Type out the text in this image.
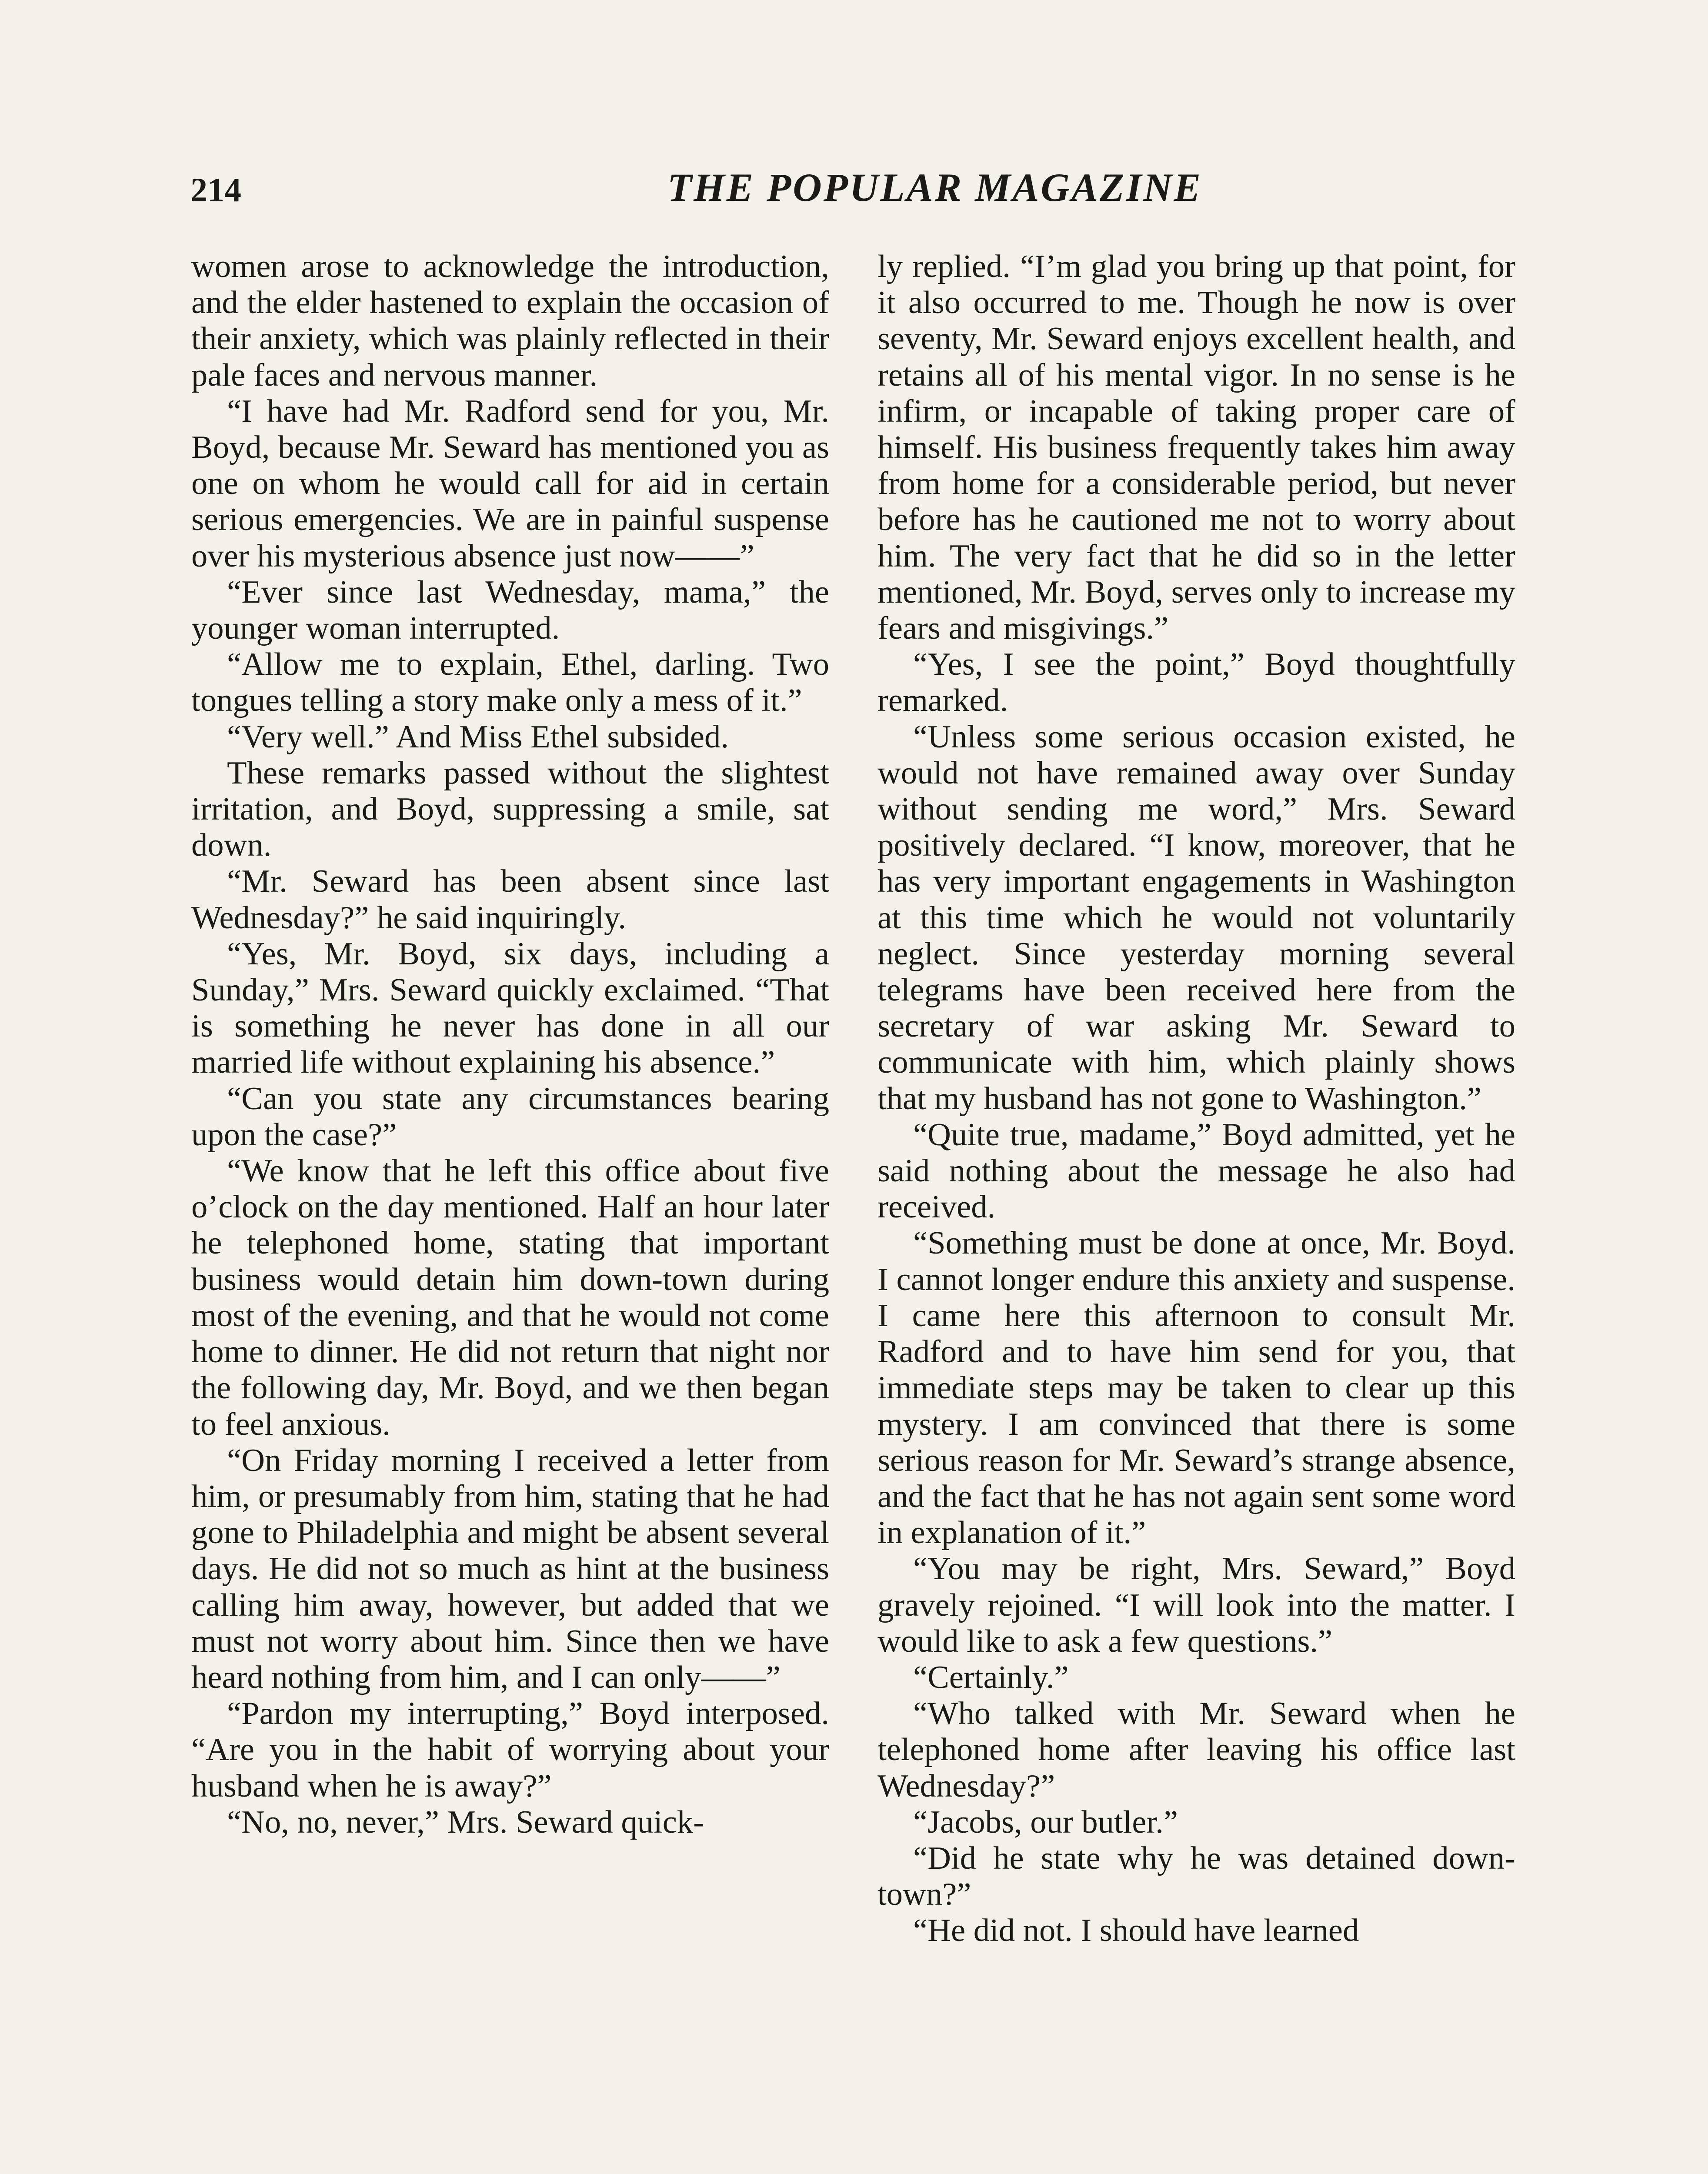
214	THE POPULAR MAGAZINE

women arose to acknowledge the introduction, and the elder hastened to explain the occasion of their anxiety, which was plainly reflected in their pale faces and nervous manner.

“I have had Mr. Radford send for you, Mr. Boyd, because Mr. Seward has mentioned you as one on whom he would call for aid in certain serious emergencies. We are in painful suspense over his mysterious absence just now——”

“Ever since last Wednesday, mama,” the younger woman interrupted.

“Allow me to explain, Ethel, darling. Two tongues telling a story make only a mess of it.”

“Very well.” And Miss Ethel subsided.

These remarks passed without the slightest irritation, and Boyd, suppressing a smile, sat down.

“Mr. Seward has been absent since last Wednesday?” he said inquiringly.

“Yes, Mr. Boyd, six days, including a Sunday,” Mrs. Seward quickly exclaimed. “That is something he never has done in all our married life without explaining his absence.”

“Can you state any circumstances bearing upon the case?”

“We know that he left this office about five o’clock on the day mentioned. Half an hour later he telephoned home, stating that important business would detain him down-town during most of the evening, and that he would not come home to dinner. He did not return that night nor the following day, Mr. Boyd, and we then began to feel anxious.

“On Friday morning I received a letter from him, or presumably from him, stating that he had gone to Philadelphia and might be absent several days. He did not so much as hint at the business calling him away, however, but added that we must not worry about him. Since then we have heard nothing from him, and I can only——”

“Pardon my interrupting,” Boyd interposed. “Are you in the habit of worrying about your husband when he is away?”

“No, no, never,” Mrs. Seward quick-

ly replied. “I’m glad you bring up that point, for it also occurred to me. Though he now is over seventy, Mr. Seward enjoys excellent health, and retains all of his mental vigor. In no sense is he infirm, or incapable of taking proper care of himself. His business frequently takes him away from home for a considerable period, but never before has he cautioned me not to worry about him. The very fact that he did so in the letter mentioned, Mr. Boyd, serves only to increase my fears and misgivings.”

“Yes, I see the point,” Boyd thoughtfully remarked.

“Unless some serious occasion existed, he would not have remained away over Sunday without sending me word,” Mrs. Seward positively declared. “I know, moreover, that he has very important engagements in Washington at this time which he would not voluntarily neglect. Since yesterday morning several telegrams have been received here from the secretary of war asking Mr. Seward to communicate with him, which plainly shows that my husband has not gone to Washington.”

“Quite true, madame,” Boyd admitted, yet he said nothing about the message he also had received.

“Something must be done at once, Mr. Boyd. I cannot longer endure this anxiety and suspense. I came here this afternoon to consult Mr. Radford and to have him send for you, that immediate steps may be taken to clear up this mystery. I am convinced that there is some serious reason for Mr. Seward’s strange absence, and the fact that he has not again sent some word in explanation of it.”

“You may be right, Mrs. Seward,” Boyd gravely rejoined. “I will look into the matter. I would like to ask a few questions.”

“Certainly.”

“Who talked with Mr. Seward when he telephoned home after leaving his office last Wednesday?”

“Jacobs, our butler.”

“Did he state why he was detained down-town?”

“He did not. I should have learned
